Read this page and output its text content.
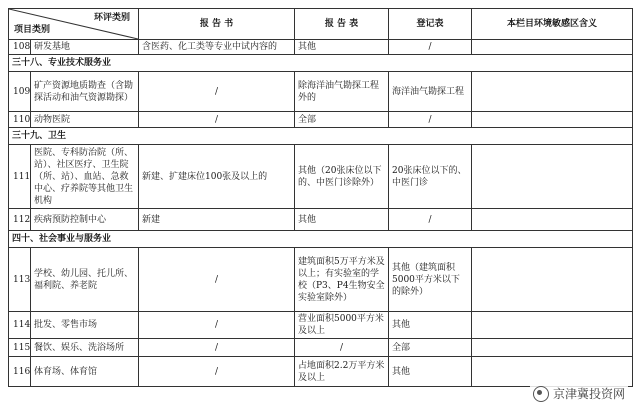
环评类别
项目类别		报 告 书	报 告 表	登记表	本栏目环境敏感区含义
108	研发基地	含医药、化工类等专业中试内容的	其他	/	
三十八、专业技术服务业					
109	矿产资源地质勘查（含勘探活动和油气资源勘探）	/	除海洋油气勘探工程外的	海洋油气勘探工程	
110	动物医院	/	全部	/	
三十九、卫生					
111	医院、专科防治院（所、站）、社区医疗、卫生院（所、站）、血站、急救中心、疗养院等其他卫生机构	新建、扩建床位100张及以上的	其他（20张床位以下的、中医门诊除外）	20张床位以下的、中医门诊	
112	疾病预防控制中心	新建	其他	/	
四十、社会事业与服务业					
113	学校、幼儿园、托儿所、福利院、养老院	/	建筑面积5万平方米及以上；有实验室的学校（P3、P4生物安全实验室除外）	其他（建筑面积5000平方米以下的除外）	
114	批发、零售市场	/	营业面积5000平方米及以上	其他	
115	餐饮、娱乐、洗浴场所	/	/	全部	
116	体育场、体育馆	/	占地面积2.2万平方米及以上	其他	
京津冀投资网
